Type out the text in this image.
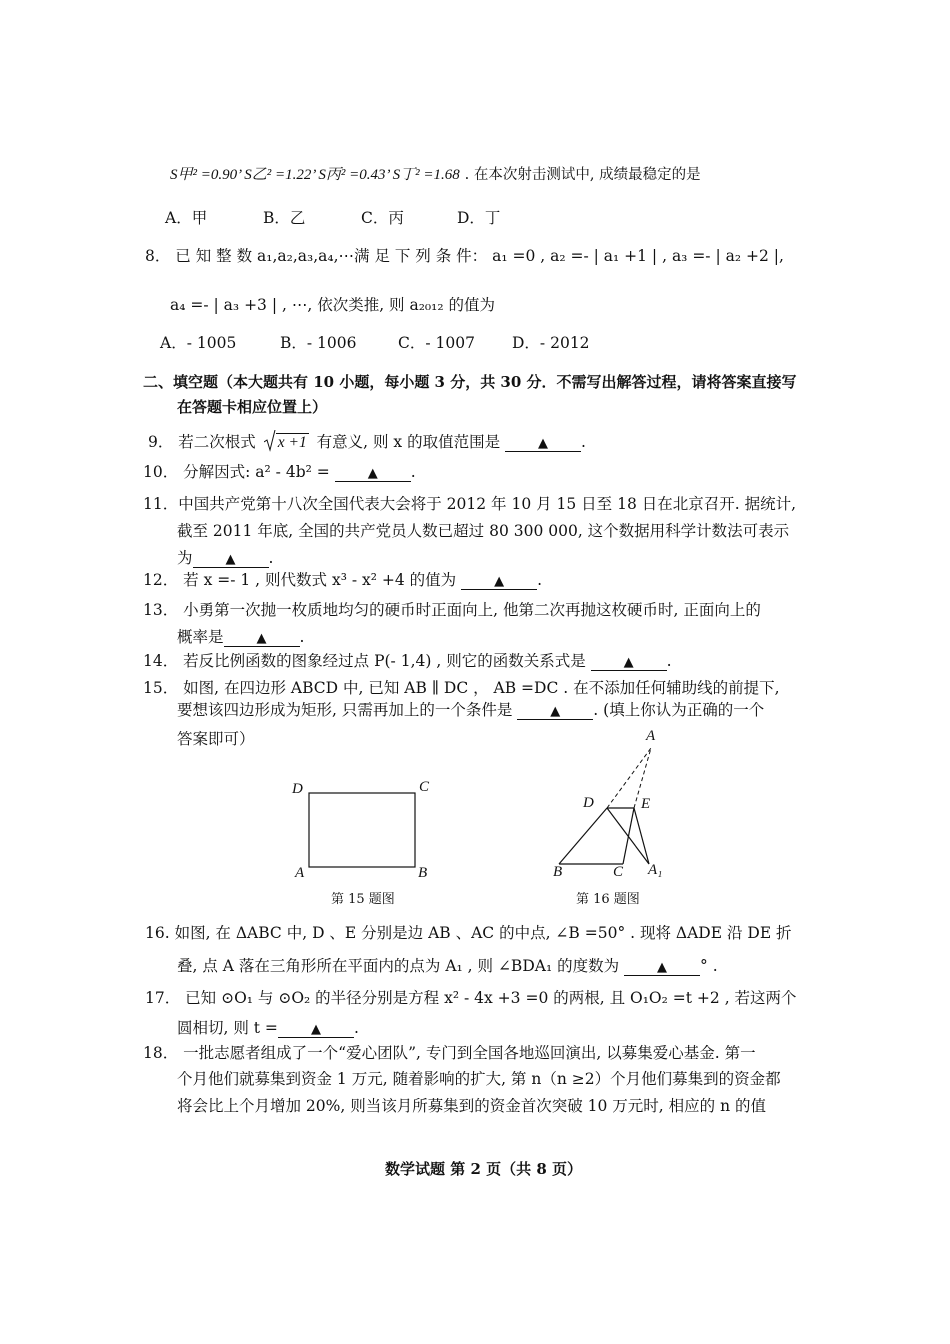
S甲² =0.90’ S乙² =1.22’ S丙² =0.43’ S丁² =1.68 . 在本次射击测试中, 成绩最稳定的是
A．甲	B．乙	C．丙	D．丁
8． 已 知 整 数 a₁,a₂,a₃,a₄,⋯满 足 下 列 条 件： a₁ =0 , a₂ =- | a₁ +1 | , a₃ =- | a₂ +2 |,
a₄ =- | a₃ +3 | , ⋯, 依次类推, 则 a₂₀₁₂ 的值为
A．- 1005	B．- 1006	C．- 1007 D．- 2012
二、填空题（本大题共有 10 小题，每小题 3 分，共 30 分．不需写出解答过程，请将答案直接写
在答题卡相应位置上）
9． 若二次根式 x +1 有意义, 则 x 的取值范围是	▲ .
10． 分解因式: a² - 4b² =	▲ .
11．中国共产党第十八次全国代表大会将于 2012 年 10 月 15 日至 18 日在北京召开. 据统计,
截至 2011 年底, 全国的共产党员人数已超过 80 300 000, 这个数据用科学计数法可表示
为	▲ .
12． 若 x =- 1 , 则代数式 x³ - x² +4 的值为	▲ .
13． 小勇第一次抛一枚质地均匀的硬币时正面向上, 他第二次再抛这枚硬币时, 正面向上的
概率是	▲ .
14． 若反比例函数的图象经过点 P(- 1,4) , 则它的函数关系式是	▲ .
15． 如图, 在四边形 ABCD 中, 已知 AB ∥ DC ， AB =DC . 在不添加任何辅助线的前提下,
要想该四边形成为矩形, 只需再加上的一个条件是	▲ . (填上你认为正确的一个
答案即可）
D	C
A	B
第 15 题图
A
D	E
B	C A₁
第 16 题图
16. 如图, 在 ΔABC 中, D 、E 分别是边 AB 、AC 的中点, ∠B =50° . 现将 ΔADE 沿 DE 折
叠, 点 A 落在三角形所在平面内的点为 A₁ , 则 ∠BDA₁ 的度数为	▲ ° .
17． 已知 ⊙O₁ 与 ⊙O₂ 的半径分别是方程 x² - 4x +3 =0 的两根, 且 O₁O₂ =t +2 , 若这两个
圆相切, 则 t =	▲ .
18． 一批志愿者组成了一个“爱心团队”, 专门到全国各地巡回演出, 以募集爱心基金. 第一
个月他们就募集到资金 1 万元, 随着影响的扩大, 第 n（n ≥2）个月他们募集到的资金都
将会比上个月增加 20%, 则当该月所募集到的资金首次突破 10 万元时, 相应的 n 的值
数学试题 第 2 页（共 8 页）
